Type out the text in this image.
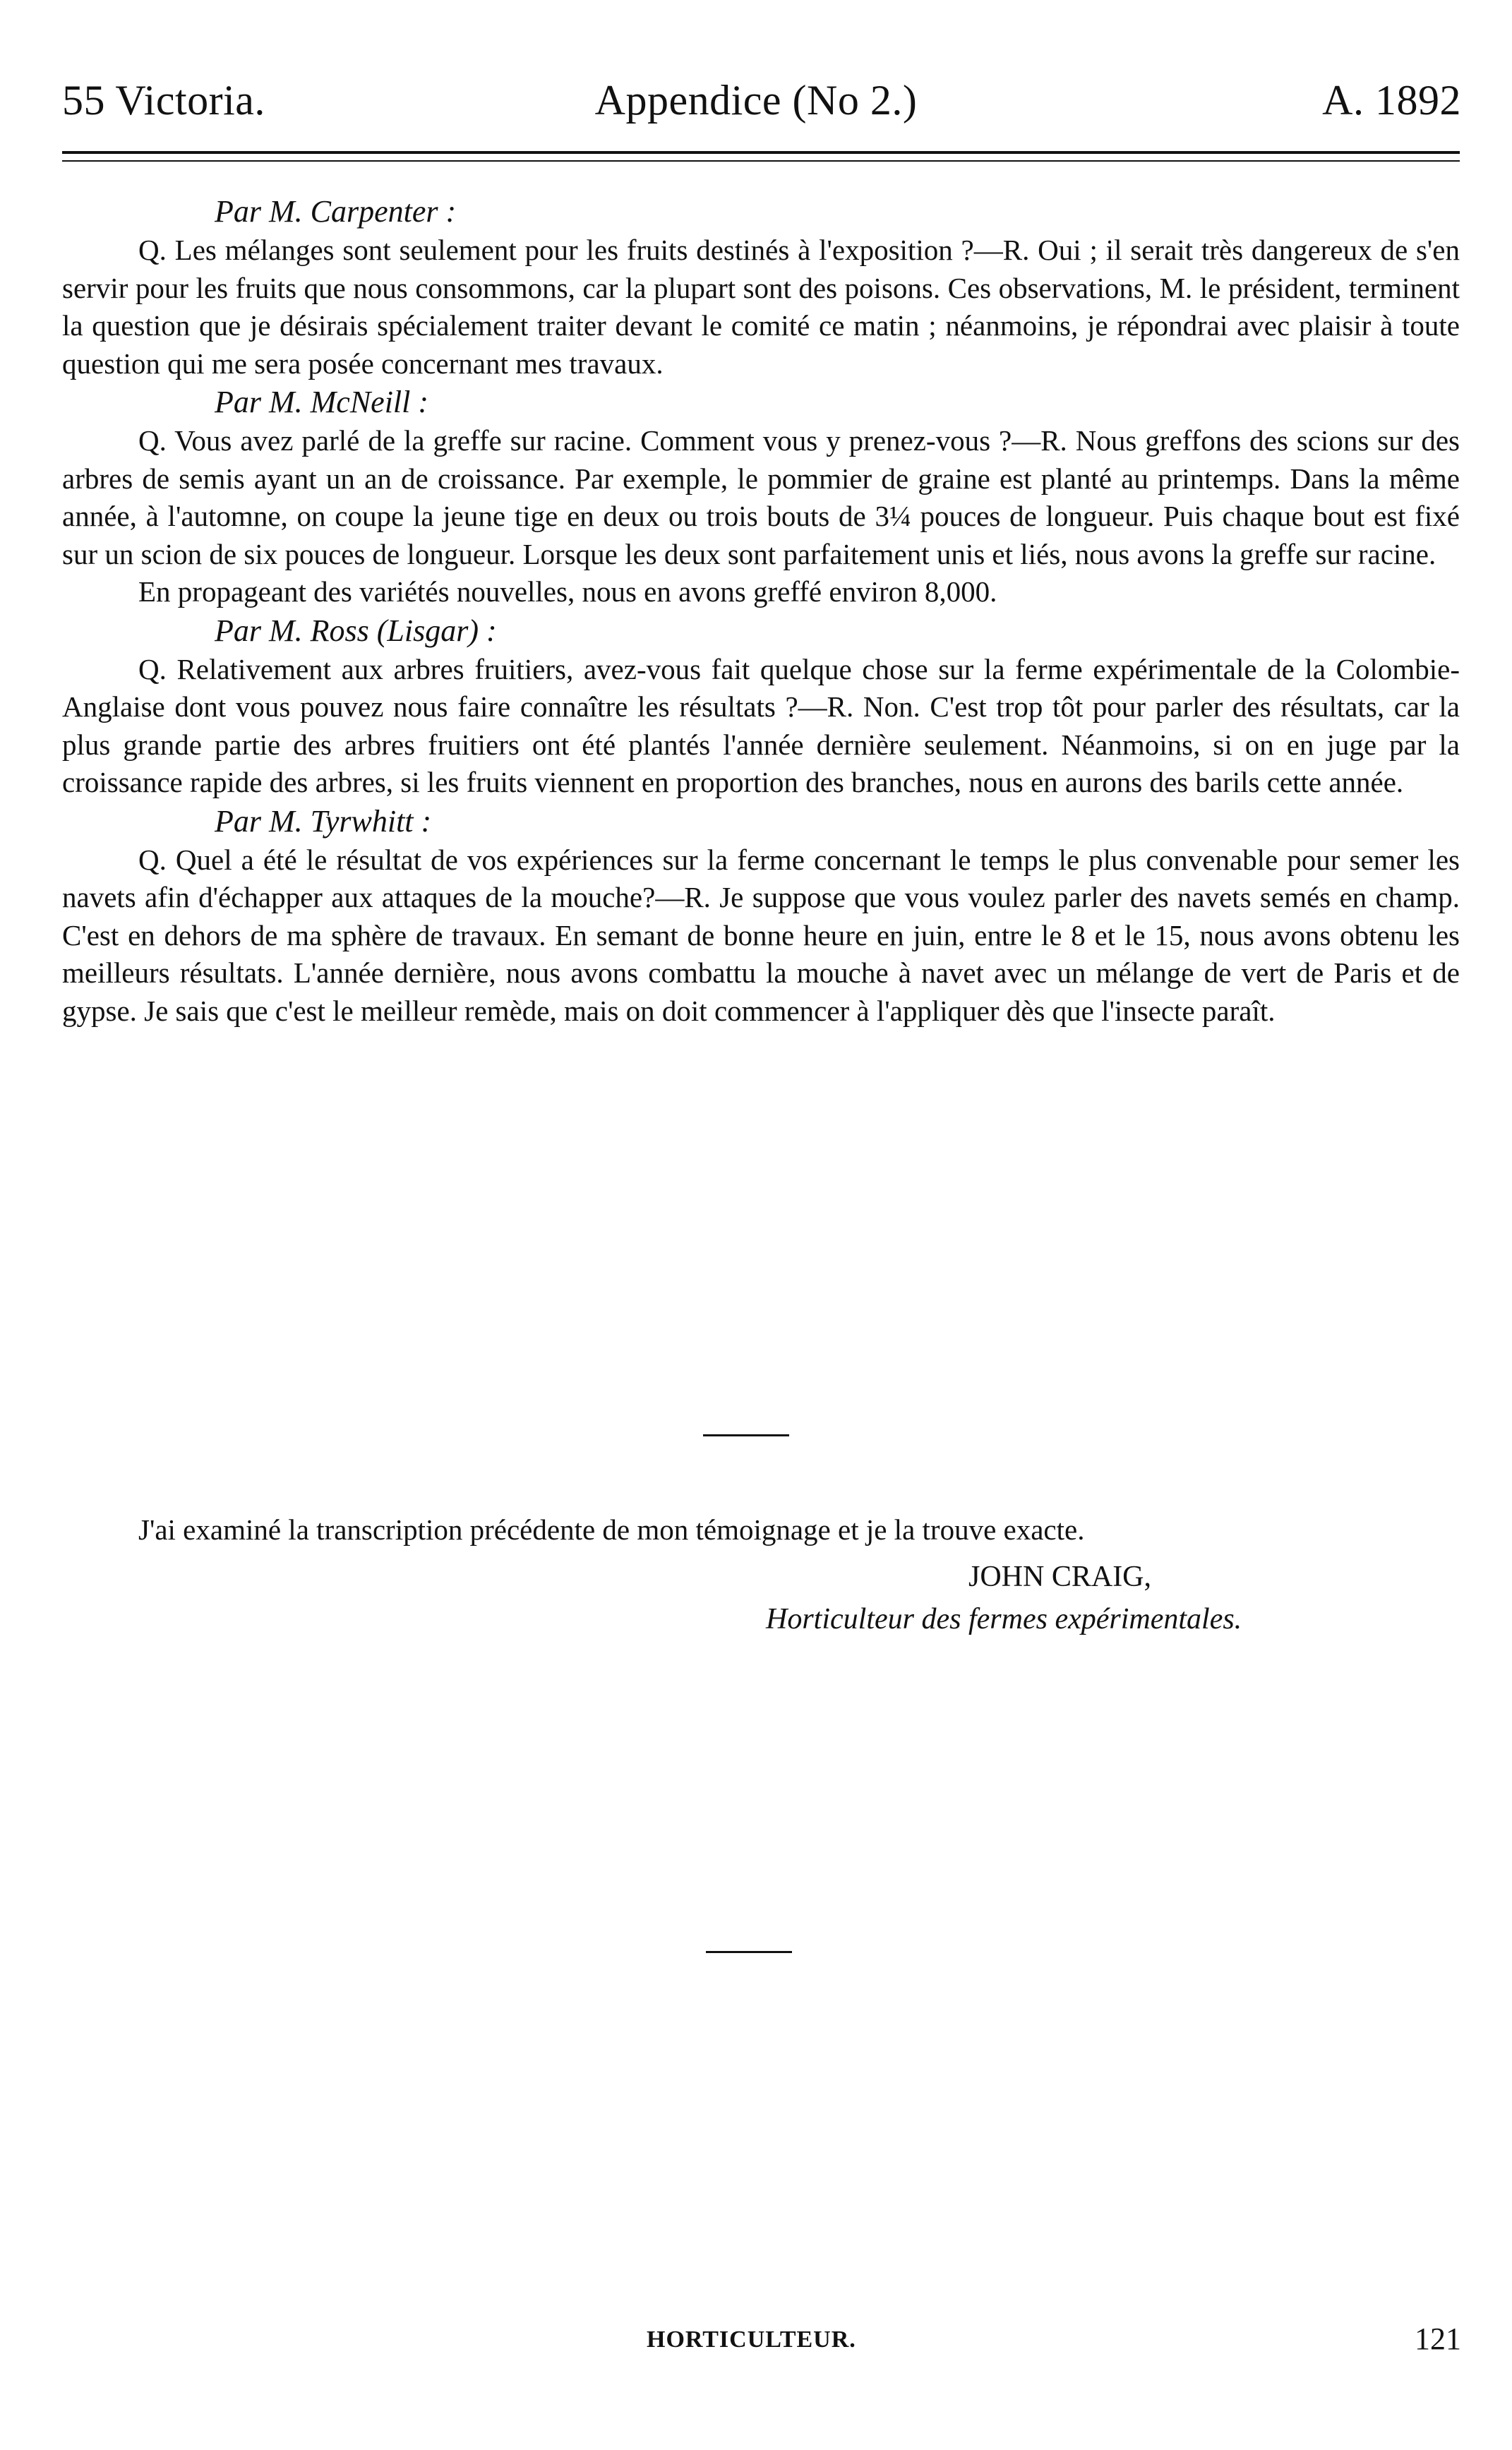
55 Victoria.	Appendice (No 2.)	A. 1892
Par M. Carpenter :

Q. Les mélanges sont seulement pour les fruits destinés à l'exposition ?—R. Oui ; il serait très dangereux de s'en servir pour les fruits que nous consommons, car la plupart sont des poisons. Ces observations, M. le président, terminent la question que je désirais spécialement traiter devant le comité ce matin ; néanmoins, je répondrai avec plaisir à toute question qui me sera posée concernant mes travaux.

Par M. McNeill :

Q. Vous avez parlé de la greffe sur racine. Comment vous y prenez-vous ?—R. Nous greffons des scions sur des arbres de semis ayant un an de croissance. Par exemple, le pommier de graine est planté au printemps. Dans la même année, à l'automne, on coupe la jeune tige en deux ou trois bouts de 3¼ pouces de longueur. Puis chaque bout est fixé sur un scion de six pouces de longueur. Lorsque les deux sont parfaitement unis et liés, nous avons la greffe sur racine.

En propageant des variétés nouvelles, nous en avons greffé environ 8,000.

Par M. Ross (Lisgar) :

Q. Relativement aux arbres fruitiers, avez-vous fait quelque chose sur la ferme expérimentale de la Colombie-Anglaise dont vous pouvez nous faire connaître les résultats ?—R. Non. C'est trop tôt pour parler des résultats, car la plus grande partie des arbres fruitiers ont été plantés l'année dernière seulement. Néanmoins, si on en juge par la croissance rapide des arbres, si les fruits viennent en proportion des branches, nous en aurons des barils cette année.

Par M. Tyrwhitt :

Q. Quel a été le résultat de vos expériences sur la ferme concernant le temps le plus convenable pour semer les navets afin d'échapper aux attaques de la mouche?—R. Je suppose que vous voulez parler des navets semés en champ. C'est en dehors de ma sphère de travaux. En semant de bonne heure en juin, entre le 8 et le 15, nous avons obtenu les meilleurs résultats. L'année dernière, nous avons combattu la mouche à navet avec un mélange de vert de Paris et de gypse. Je sais que c'est le meilleur remède, mais on doit commencer à l'appliquer dès que l'insecte paraît.

J'ai examiné la transcription précédente de mon témoignage et je la trouve exacte.

JOHN CRAIG,
Horticulteur des fermes expérimentales.
HORTICULTEUR.	121
